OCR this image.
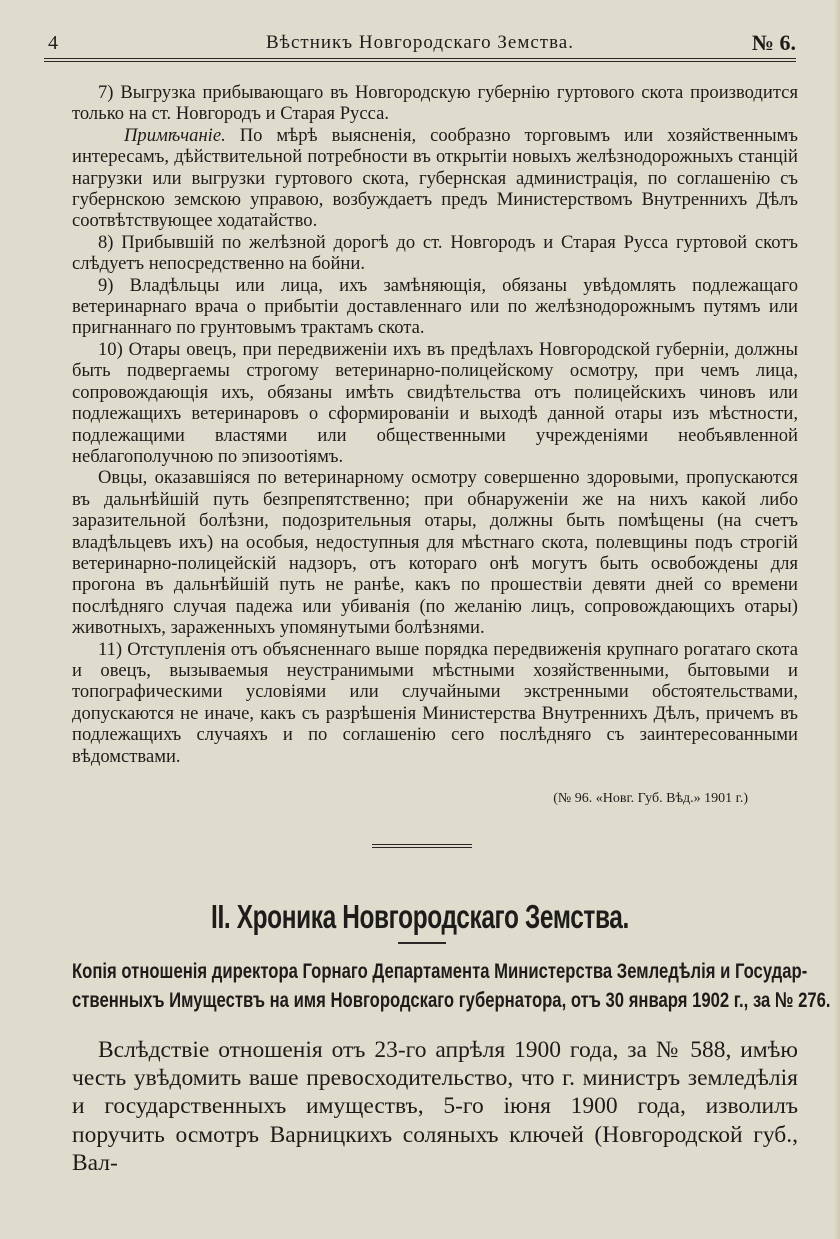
4	Вѣстникъ Новгородскаго Земства.	№ 6.

7) Выгрузка прибывающаго въ Новгородскую губернію гуртового скота производится только на ст. Новгородъ и Старая Русса.

Примѣчаніе. По мѣрѣ выясненія, сообразно торговымъ или хозяйственнымъ интересамъ, дѣйствительной потребности въ открытіи новыхъ желѣзнодорожныхъ станцій нагрузки или выгрузки гуртового скота, губернская администрація, по соглашенію съ губернскою земскою управою, возбуждаетъ предъ Министерствомъ Внутреннихъ Дѣлъ соотвѣтствующее ходатайство.

8) Прибывшій по желѣзной дорогѣ до ст. Новгородъ и Старая Русса гуртовой скотъ слѣдуетъ непосредственно на бойни.

9) Владѣльцы или лица, ихъ замѣняющія, обязаны увѣдомлять подлежащаго ветеринарнаго врача о прибытіи доставленнаго или по желѣзнодорожнымъ путямъ или пригнаннаго по грунтовымъ трактамъ скота.

10) Отары овецъ, при передвиженіи ихъ въ предѣлахъ Новгородской губерніи, должны быть подвергаемы строгому ветеринарно-полицейскому осмотру, при чемъ лица, сопровождающія ихъ, обязаны имѣть свидѣтельства отъ полицейскихъ чиновъ или подлежащихъ ветеринаровъ о сформированіи и выходѣ данной отары изъ мѣстности, подлежащими властями или общественными учрежденіями необъявленной неблагополучною по эпизоотіямъ.

Овцы, оказавшіяся по ветеринарному осмотру совершенно здоровыми, пропускаются въ дальнѣйшій путь безпрепятственно; при обнаруженіи же на нихъ какой либо заразительной болѣзни, подозрительныя отары, должны быть помѣщены (на счетъ владѣльцевъ ихъ) на особыя, недоступныя для мѣстнаго скота, полевщины подъ строгій ветеринарно-полицейскій надзоръ, отъ котораго онѣ могутъ быть освобождены для прогона въ дальнѣйшій путь не ранѣе, какъ по прошествіи девяти дней со времени послѣдняго случая падежа или убиванія (по желанію лицъ, сопровождающихъ отары) животныхъ, зараженныхъ упомянутыми болѣзнями.

11) Отступленія отъ объясненнаго выше порядка передвиженія крупнаго рогатаго скота и овецъ, вызываемыя неустранимыми мѣстными хозяйственными, бытовыми и топографическими условіями или случайными экстренными обстоятельствами, допускаются не иначе, какъ съ разрѣшенія Министерства Внутреннихъ Дѣлъ, причемъ въ подлежащихъ случаяхъ и по соглашенію сего послѣдняго съ заинтересованными вѣдомствами.

(№ 96. «Новг. Губ. Вѣд.» 1901 г.)
II. Хроника Новгородскаго Земства.
Копія отношенія директора Горнаго Департамента Министерства Земледѣлія и Государ-
ственныхъ Имуществъ на имя Новгородскаго губернатора, отъ 30 января 1902 г., за № 276.

Вслѣдствіе отношенія отъ 23-го апрѣля 1900 года, за № 588, имѣю честь увѣдомить ваше превосходительство, что г. министръ земледѣлія и государственныхъ имуществъ, 5-го іюня 1900 года, изволилъ поручить осмотръ Варницкихъ соляныхъ ключей (Новгородской губ., Вал-
